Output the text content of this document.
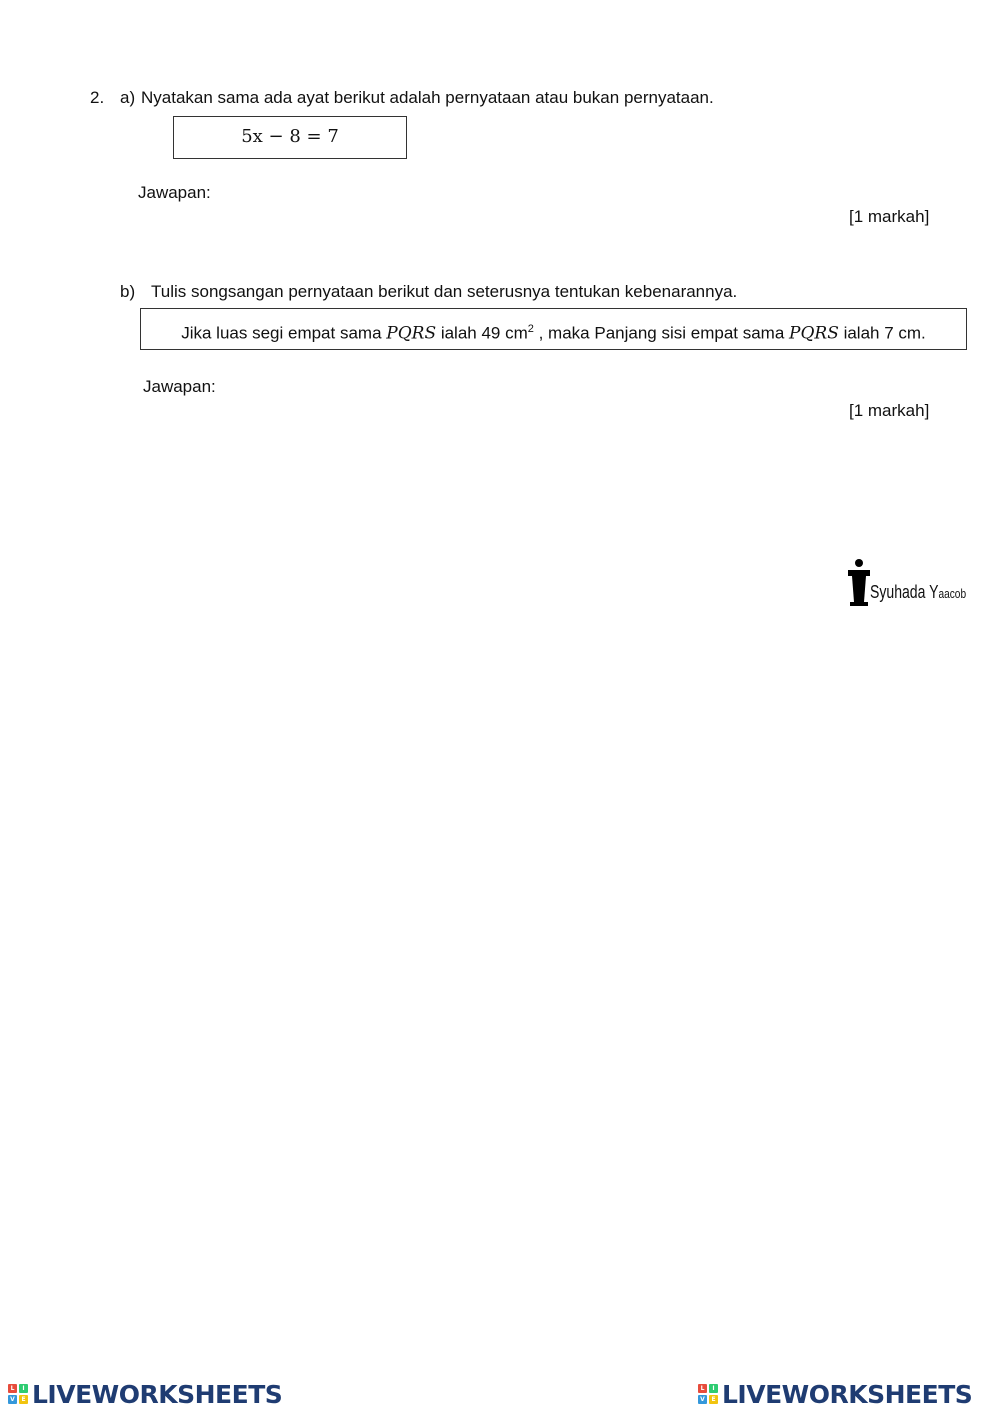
2. a) Nyatakan sama ada ayat berikut adalah pernyataan atau bukan pernyataan.
5x − 8 = 7
Jawapan:
[1 markah]
b) Tulis songsangan pernyataan berikut dan seterusnya tentukan kebenarannya.
Jika luas segi empat sama PQRS ialah 49 $cm^2$ , maka Panjang sisi empat sama PQRS ialah 7 cm.
Jawapan:
[1 markah]
Syuhada Yaacob
L	I
V	E LIVEWORKSHEETS	L	I
V	E LIVEWORKSHEETS
